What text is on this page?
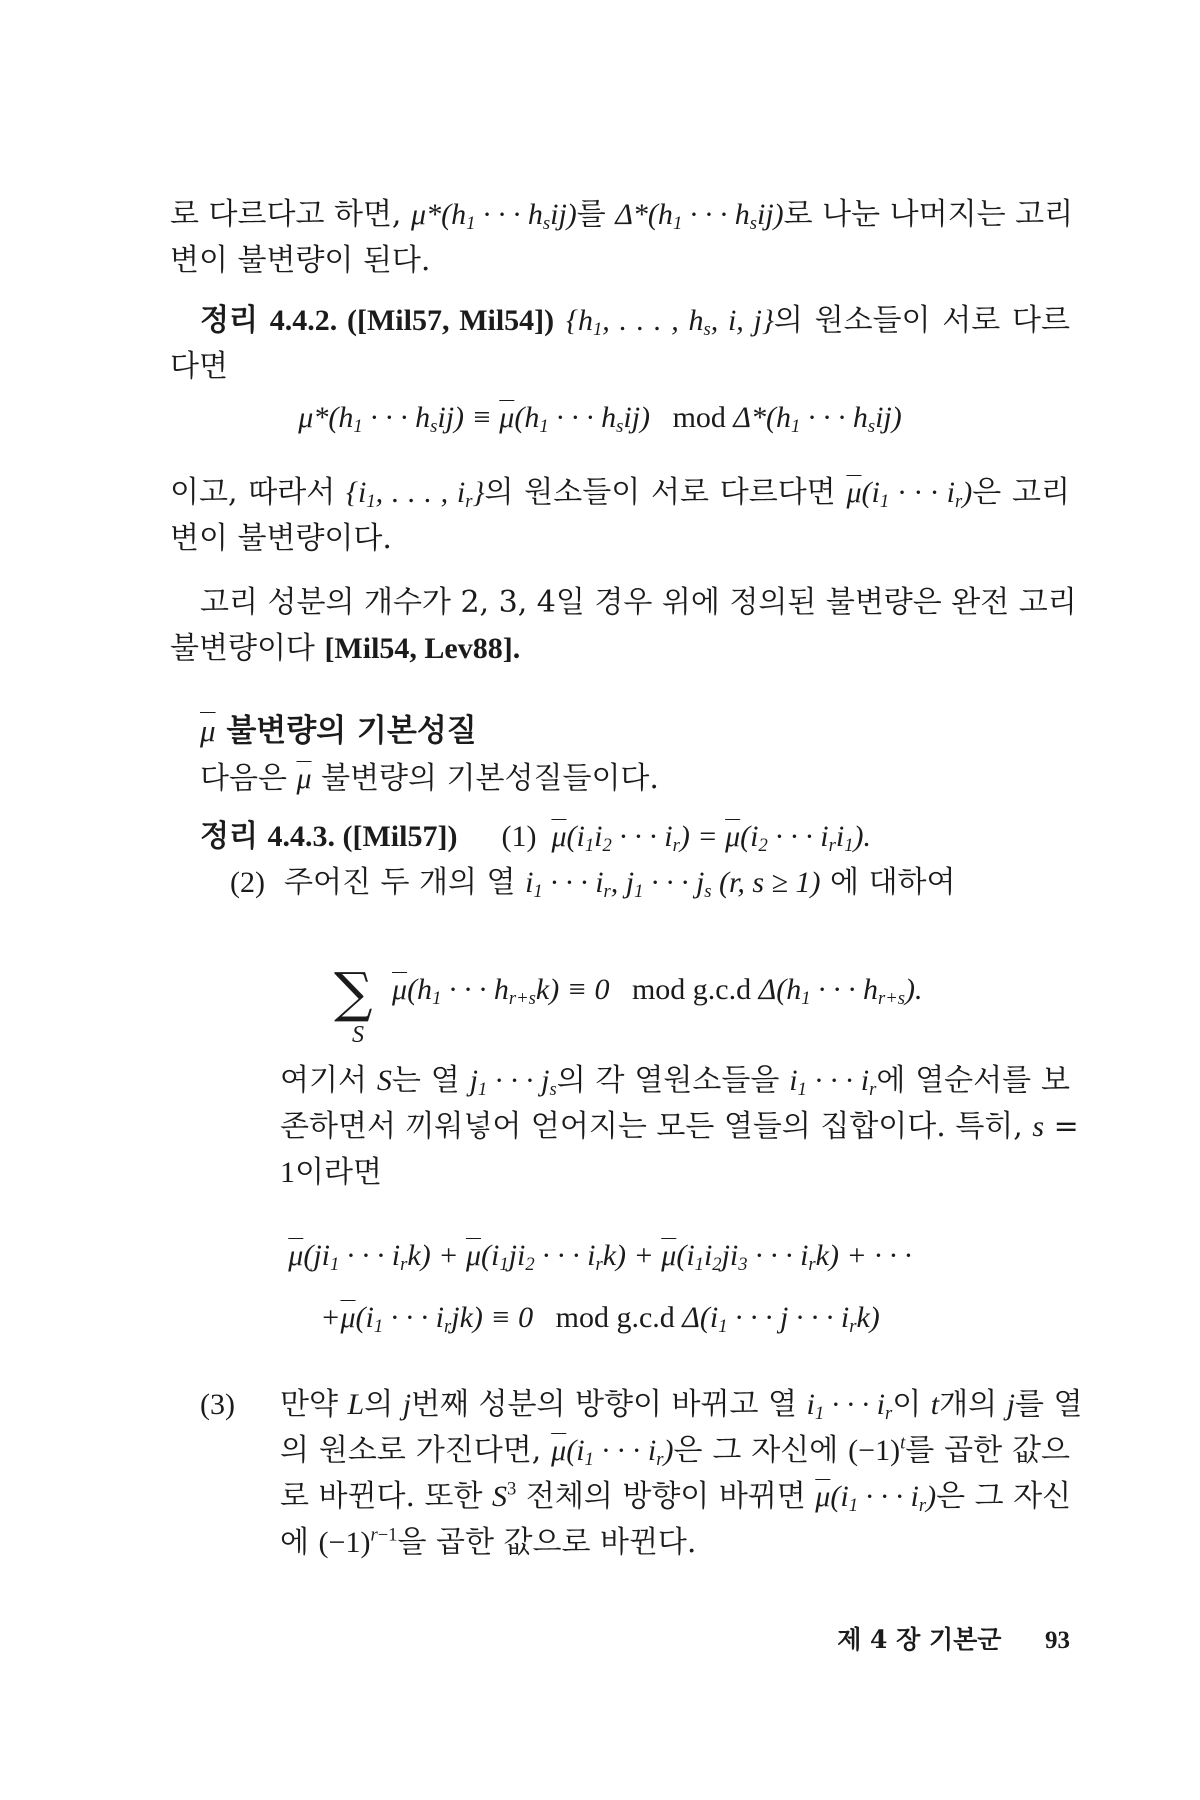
로 다르다고 하면, $\mu*(h_1$ · · · $h_sij$)를 $\Delta*(h_1$ · · · $h_sij$)로 나눈 나머지는 고리
변이 불변량이 된다.
정리 4.4.2. ([Mil57, Mil54]) {$h_1$, . . . , $h_s$, i, j}의 원소들이 서로 다르
다면
$\mu*(h_1$ · · · $h_sij) \equiv \overline{\mu}(h_1$ · · · $h_sij$)   mod $\Delta*(h_1$ · · · $h_sij$)
이고, 따라서 {$i_1$, . . . , $i_r$}의 원소들이 서로 다르다면 $\overline{\mu}(i_1$ · · · $i_r$)은 고리
변이 불변량이다.
고리 성분의 개수가 2, 3, 4일 경우 위에 정의된 불변량은 완전 고리
불변량이다 [Mil54, Lev88].
$\overline{\mu}$ 불변량의 기본성질
다음은 $\overline{\mu}$ 불변량의 기본성질들이다.
정리 4.4.3. ([Mil57]) (1)  $\overline{\mu}(i_1i_2$ · · · $i_r) = \overline{\mu}(i_2$ · · · $i_ri_1$).
(2)  주어진 두 개의 열 $i_1$ · · · $i_r$, $j_1$ · · · $j_s$ (r, s ≥ 1) 에 대하여
∑
S
$\overline{\mu}(h_1$ · · · $h_{r+s}k) \equiv 0$   mod g.c.d $\Delta(h_1$ · · · $h_{r+s}$).
여기서 S는 열 $j_1$ · · · $j_s$의 각 열원소들을 $i_1$ · · · $i_r$에 열순서를 보
존하면서 끼워넣어 얻어지는 모든 열들의 집합이다. 특히, s =
1이라면
$\overline{\mu}(ji_1$ · · · $i_rk) + \overline{\mu}(i_1ji_2$ · · · $i_rk) + \overline{\mu}(i_1i_2ji_3$ · · · $i_rk$) + · · ·
$+\overline{\mu}(i_1$ · · · $i_rjk) \equiv 0$   mod g.c.d $\Delta(i_1$ · · · j · · · $i_rk$)
(3) 만약 L의 j번째 성분의 방향이 바뀌고 열 $i_1$ · · · $i_r$이 t개의 j를 열
의 원소로 가진다면, $\overline{\mu}(i_1$ · · · $i_r$)은 그 자신에 $(-1)^t$를 곱한 값으
로 바뀐다. 또한 $S^3$ 전체의 방향이 바뀌면 $\overline{\mu}(i_1$ · · · $i_r$)은 그 자신
에 $(-1)^{r-1}$을 곱한 값으로 바뀐다.
제 4 장 기본군 93
